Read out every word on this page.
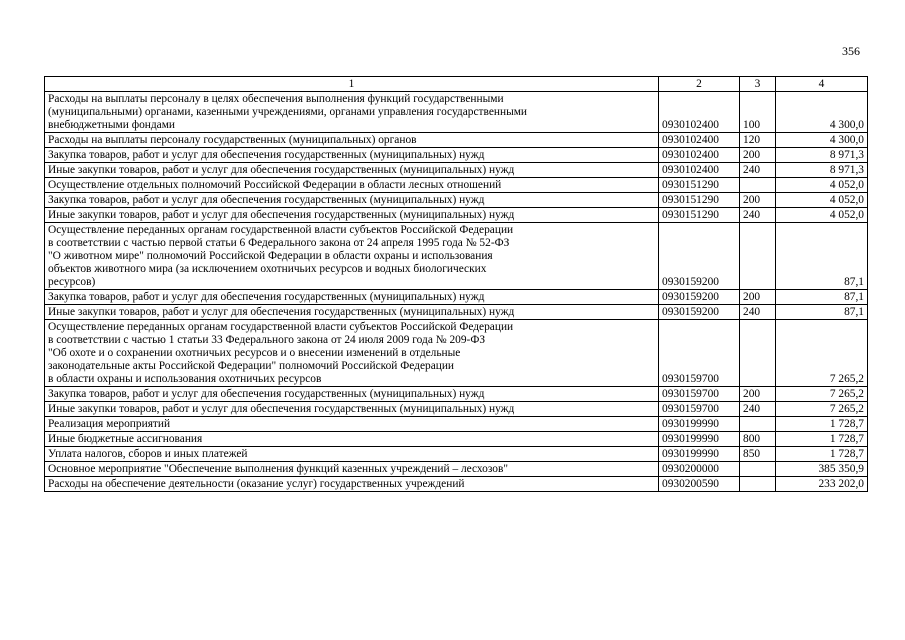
356
1	2	3	4

Расходы на выплаты персоналу в целях обеспечения выполнения функций государственными
(муниципальными) органами, казенными учреждениями, органами управления государственными
внебюджетными фондами	0930102400	100	4 300,0

Расходы на выплаты персоналу государственных (муниципальных) органов	0930102400	120	4 300,0

Закупка товаров, работ и услуг для обеспечения государственных (муниципальных) нужд	0930102400	200	8 971,3

Иные закупки товаров, работ и услуг для обеспечения государственных (муниципальных) нужд	0930102400	240	8 971,3

Осуществление отдельных полномочий Российской Федерации в области лесных отношений	0930151290		4 052,0

Закупка товаров, работ и услуг для обеспечения государственных (муниципальных) нужд	0930151290	200	4 052,0

Иные закупки товаров, работ и услуг для обеспечения государственных (муниципальных) нужд	0930151290	240	4 052,0

Осуществление переданных органам государственной власти субъектов Российской Федерации
в соответствии с частью первой статьи 6 Федерального закона от 24 апреля 1995 года № 52-ФЗ
"О животном мире" полномочий Российской Федерации в области охраны и использования
объектов животного мира (за исключением охотничьих ресурсов и водных биологических
ресурсов)	0930159200		87,1

Закупка товаров, работ и услуг для обеспечения государственных (муниципальных) нужд	0930159200	200	87,1

Иные закупки товаров, работ и услуг для обеспечения государственных (муниципальных) нужд	0930159200	240	87,1

Осуществление переданных органам государственной власти субъектов Российской Федерации
в соответствии с частью 1 статьи 33 Федерального закона от 24 июля 2009 года № 209-ФЗ
"Об охоте и о сохранении охотничьих ресурсов и о внесении изменений в отдельные
законодательные акты Российской Федерации" полномочий Российской Федерации
в области охраны и использования охотничьих ресурсов	0930159700		7 265,2

Закупка товаров, работ и услуг для обеспечения государственных (муниципальных) нужд	0930159700	200	7 265,2

Иные закупки товаров, работ и услуг для обеспечения государственных (муниципальных) нужд	0930159700	240	7 265,2

Реализация мероприятий	0930199990		1 728,7

Иные бюджетные ассигнования	0930199990	800	1 728,7

Уплата налогов, сборов и иных платежей	0930199990	850	1 728,7

Основное мероприятие "Обеспечение выполнения функций казенных учреждений – лесхозов"	0930200000		385 350,9

Расходы на обеспечение деятельности (оказание услуг) государственных учреждений	0930200590		233 202,0
